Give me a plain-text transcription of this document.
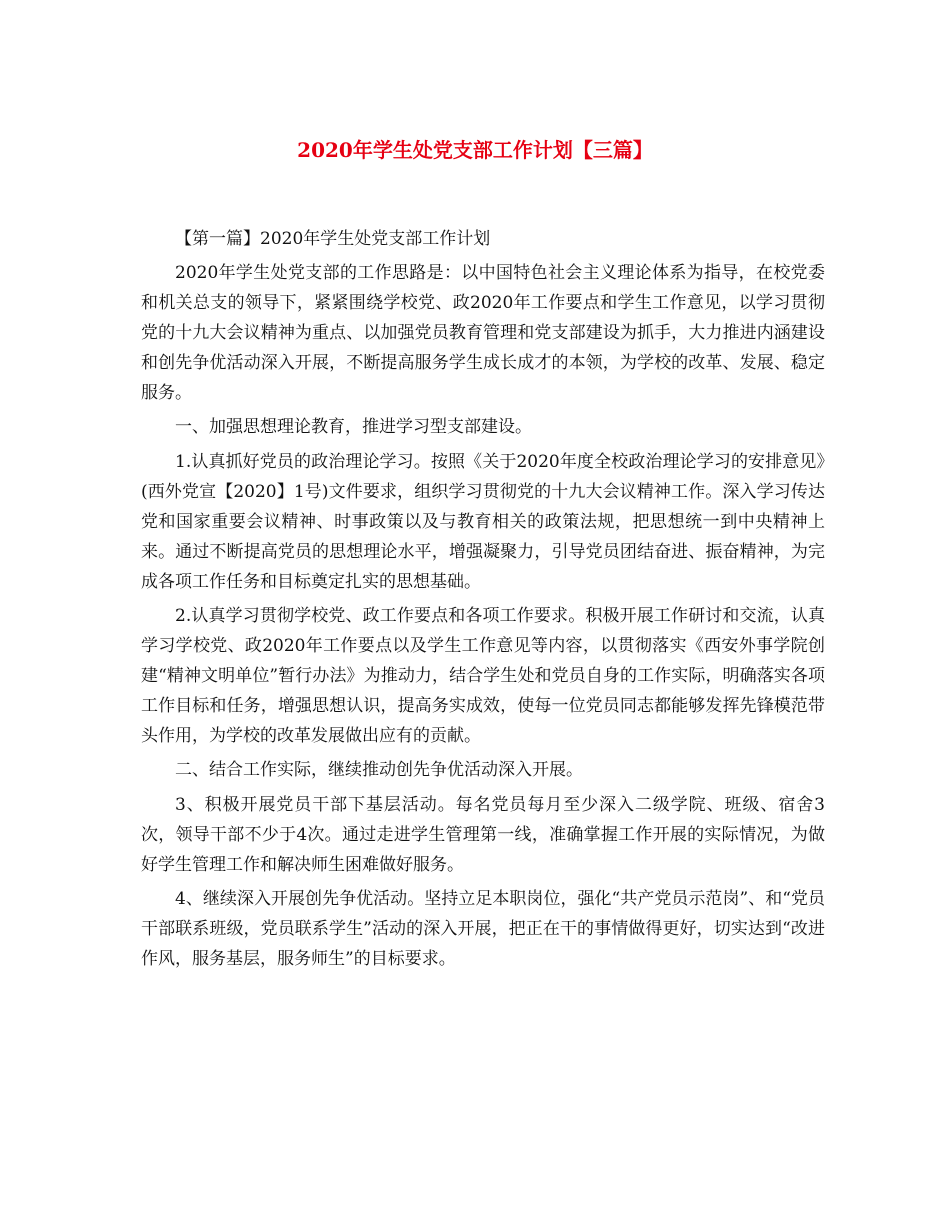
2020年学生处党支部工作计划【三篇】

【第一篇】2020年学生处党支部工作计划

2020年学生处党支部的工作思路是：以中国特色社会主义理论体系为指导，在校党委和机关总支的领导下，紧紧围绕学校党、政2020年工作要点和学生工作意见，以学习贯彻党的十九大会议精神为重点、以加强党员教育管理和党支部建设为抓手，大力推进内涵建设和创先争优活动深入开展，不断提高服务学生成长成才的本领，为学校的改革、发展、稳定服务。

一、加强思想理论教育，推进学习型支部建设。

1.认真抓好党员的政治理论学习。按照《关于2020年度全校政治理论学习的安排意见》(西外党宣【2020】1号)文件要求，组织学习贯彻党的十九大会议精神工作。深入学习传达党和国家重要会议精神、时事政策以及与教育相关的政策法规，把思想统一到中央精神上来。通过不断提高党员的思想理论水平，增强凝聚力，引导党员团结奋进、振奋精神，为完成各项工作任务和目标奠定扎实的思想基础。

2.认真学习贯彻学校党、政工作要点和各项工作要求。积极开展工作研讨和交流，认真学习学校党、政2020年工作要点以及学生工作意见等内容，以贯彻落实《西安外事学院创建“精神文明单位”暂行办法》为推动力，结合学生处和党员自身的工作实际，明确落实各项工作目标和任务，增强思想认识，提高务实成效，使每一位党员同志都能够发挥先锋模范带头作用，为学校的改革发展做出应有的贡献。

二、结合工作实际，继续推动创先争优活动深入开展。

3、积极开展党员干部下基层活动。每名党员每月至少深入二级学院、班级、宿舍3次，领导干部不少于4次。通过走进学生管理第一线，准确掌握工作开展的实际情况，为做好学生管理工作和解决师生困难做好服务。

4、继续深入开展创先争优活动。坚持立足本职岗位，强化“共产党员示范岗”、和“党员干部联系班级，党员联系学生”活动的深入开展，把正在干的事情做得更好，切实达到“改进作风，服务基层，服务师生”的目标要求。
